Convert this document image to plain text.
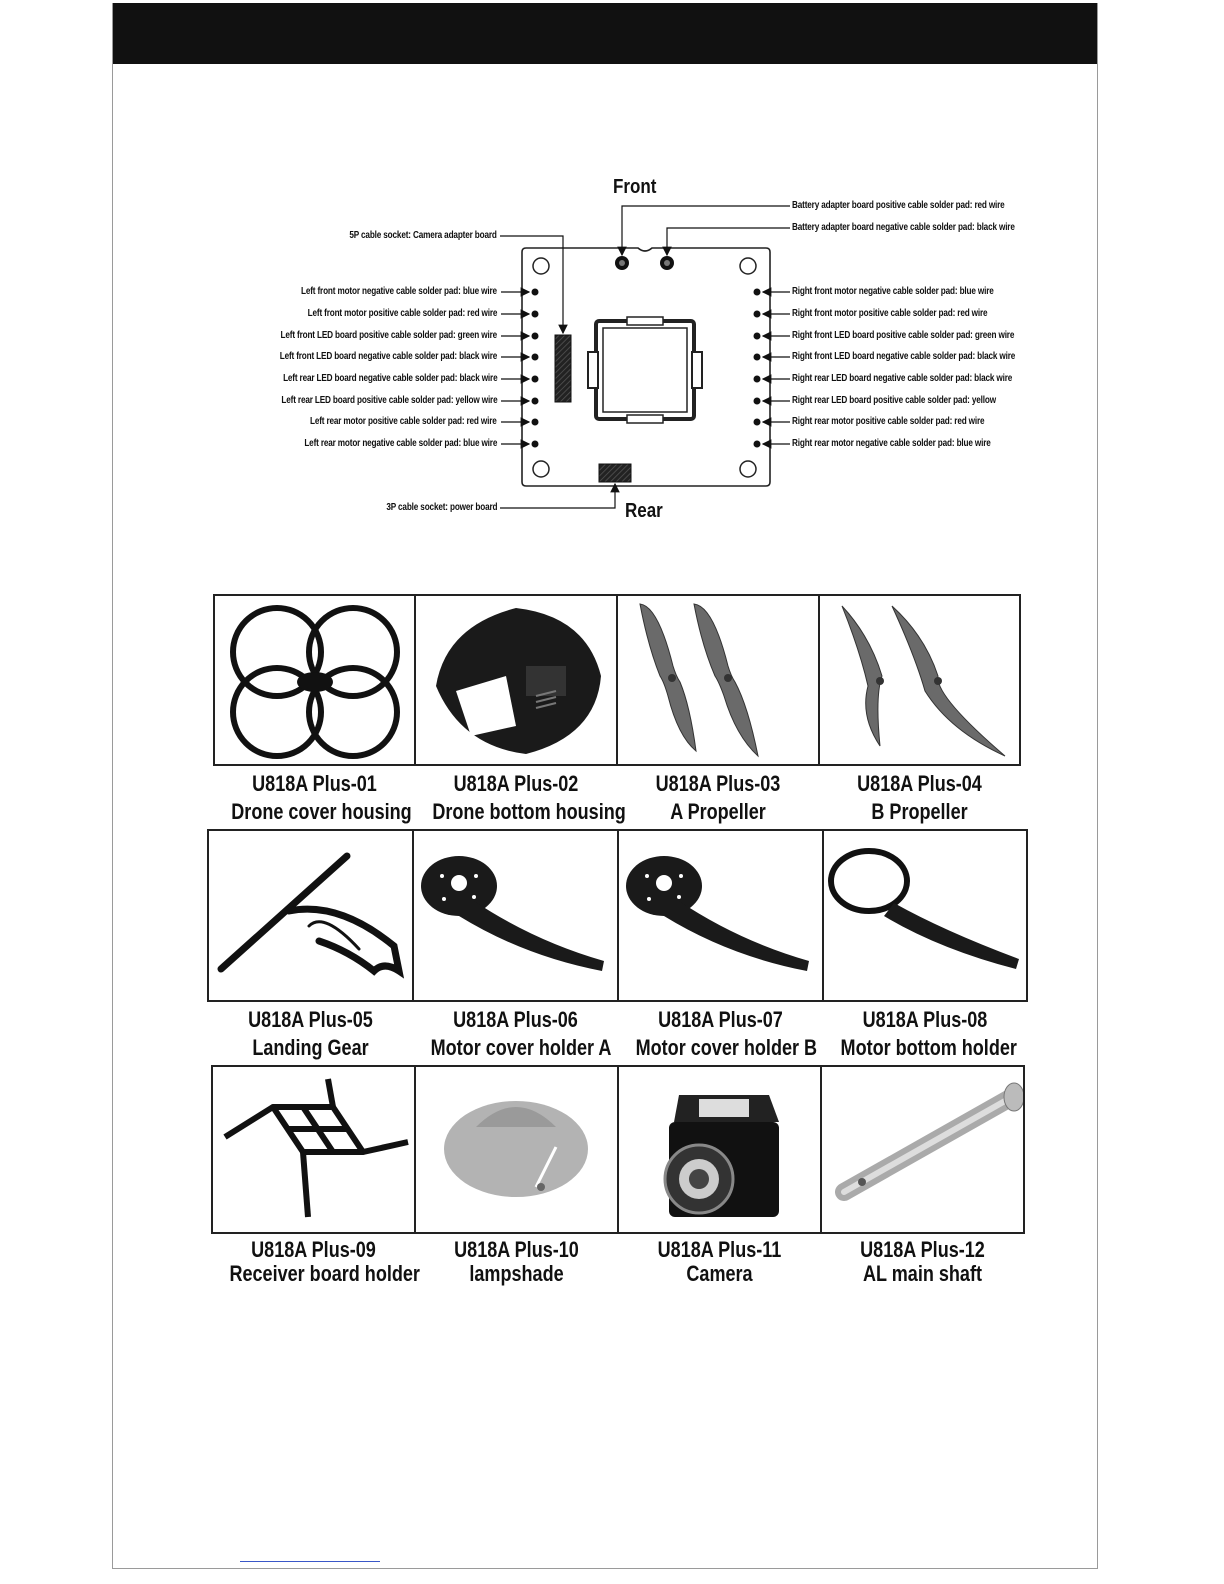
Front
Rear
Battery adapter board positive cable solder pad: red wire
Battery adapter board negative cable solder pad: black wire
5P cable socket: Camera adapter board
3P cable socket: power board
Left front motor negative cable solder pad: blue wire
Left front motor positive cable solder pad: red wire
Left front LED board positive cable solder pad: green wire
Left front LED board negative cable solder pad: black wire
Left rear LED board negative cable solder pad: black wire
Left rear LED board positive cable solder pad: yellow wire
Left rear motor positive cable solder pad: red wire
Left rear motor negative cable solder pad: blue wire
Right front motor negative cable solder pad: blue wire
Right front motor positive cable solder pad: red wire
Right front LED board positive cable solder pad: green wire
Right front LED board negative cable solder pad: black wire
Right rear LED board negative cable solder pad: black wire
Right rear LED board positive cable solder pad: yellow
Right rear motor positive cable solder pad: red wire
Right rear motor negative cable solder pad: blue wire
U818A Plus-01
Drone cover housing
U818A Plus-02
Drone bottom housing
U818A Plus-03
A Propeller
U818A Plus-04
B Propeller
U818A Plus-05
Landing Gear
U818A Plus-06
Motor cover holder A
U818A Plus-07
Motor cover holder B
U818A Plus-08
Motor bottom holder
U818A Plus-09
Receiver board holder
U818A Plus-10
lampshade
U818A Plus-11
Camera
U818A Plus-12
AL main shaft
